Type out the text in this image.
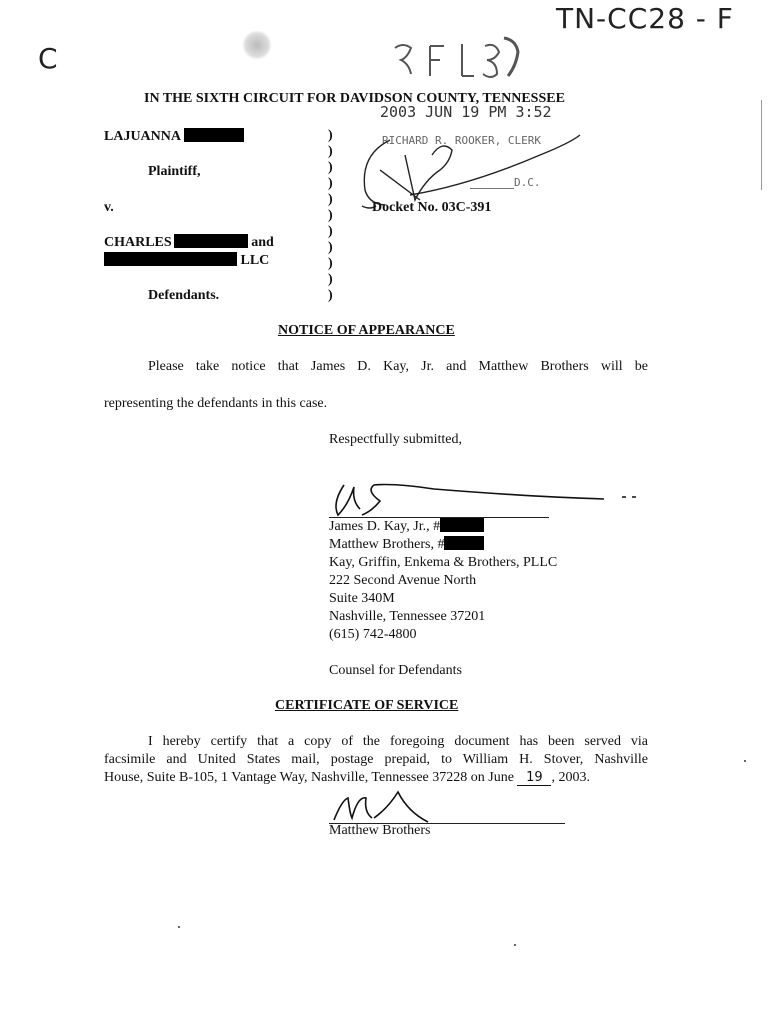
TN-CC28 - F
C
IN THE SIXTH CIRCUIT FOR DAVIDSON COUNTY, TENNESSEE
2003 JUN 19 PM 3:52
RICHARD R. ROOKER, CLERK
D.C.
LAJUANNA
Plaintiff,
v.
CHARLES	and
LLC
Defendants.
)
)
)
)
)
)
)
)
)
)
)
Docket No. 03C-391
NOTICE OF APPEARANCE
Please take notice that James D. Kay, Jr. and Matthew Brothers will be
representing the defendants in this case.
Respectfully submitted,
James D. Kay, Jr., #
Matthew Brothers, #
Kay, Griffin, Enkema & Brothers, PLLC
222 Second Avenue North
Suite 340M
Nashville, Tennessee 37201
(615) 742-4800
Counsel for Defendants
CERTIFICATE OF SERVICE
I hereby certify that a copy of the foregoing document has been served via
facsimile and United States mail, postage prepaid, to William H. Stover, Nashville
House, Suite B-105, 1 Vantage Way, Nashville, Tennessee 37228 on June 19 , 2003.
Matthew Brothers
